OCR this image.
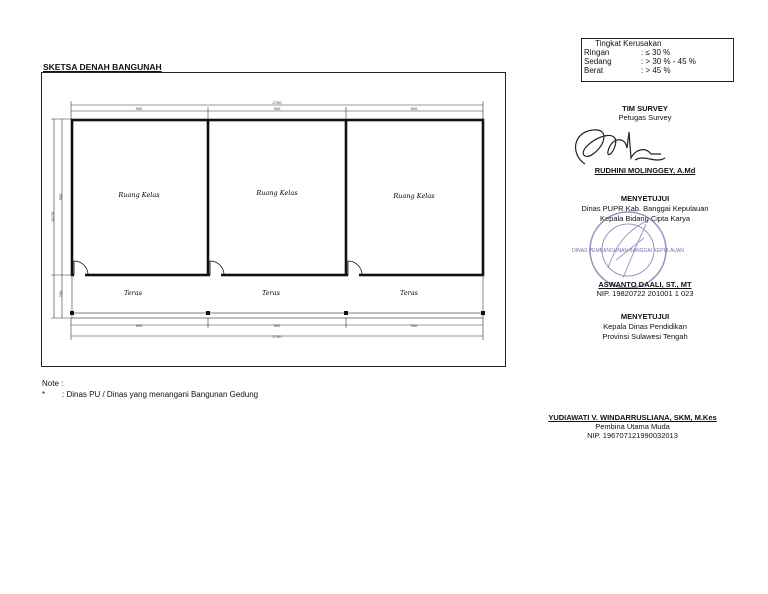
SKETSA DENAH BANGUNAH
2700
900
900	900
10.00
800
200
Ruang Kelas	Ruang Kelas	Ruang Kelas
Teras	Teras	Teras
900	900	900
2700
Tingkat Kerusakan
Ringan	: ≤ 30 %
Sedang	: > 30 % - 45 %
Berat	: > 45 %
TIM SURVEY
Petugas Survey
RUDHINI MOLINGGEY, A.Md
MENYETUJUI
Dinas PUPR Kab. Banggai Kepulauan
Kepala Bidang Cipta Karya
DINAS PEMBANGUNAN BANGGAI KEPULAUAN
ASWANTO DAALI, ST., MT
NIP. 19820722 201001 1 023
MENYETUJUI
Kepala Dinas Pendidikan
Provinsi Sulawesi Tengah
Note :
*	: Dinas PU / Dinas yang menangani Bangunan Gedung
YUDIAWATI V. WINDARRUSLIANA, SKM, M.Kes
Pembina Utama Muda
NIP. 196707121990032013
